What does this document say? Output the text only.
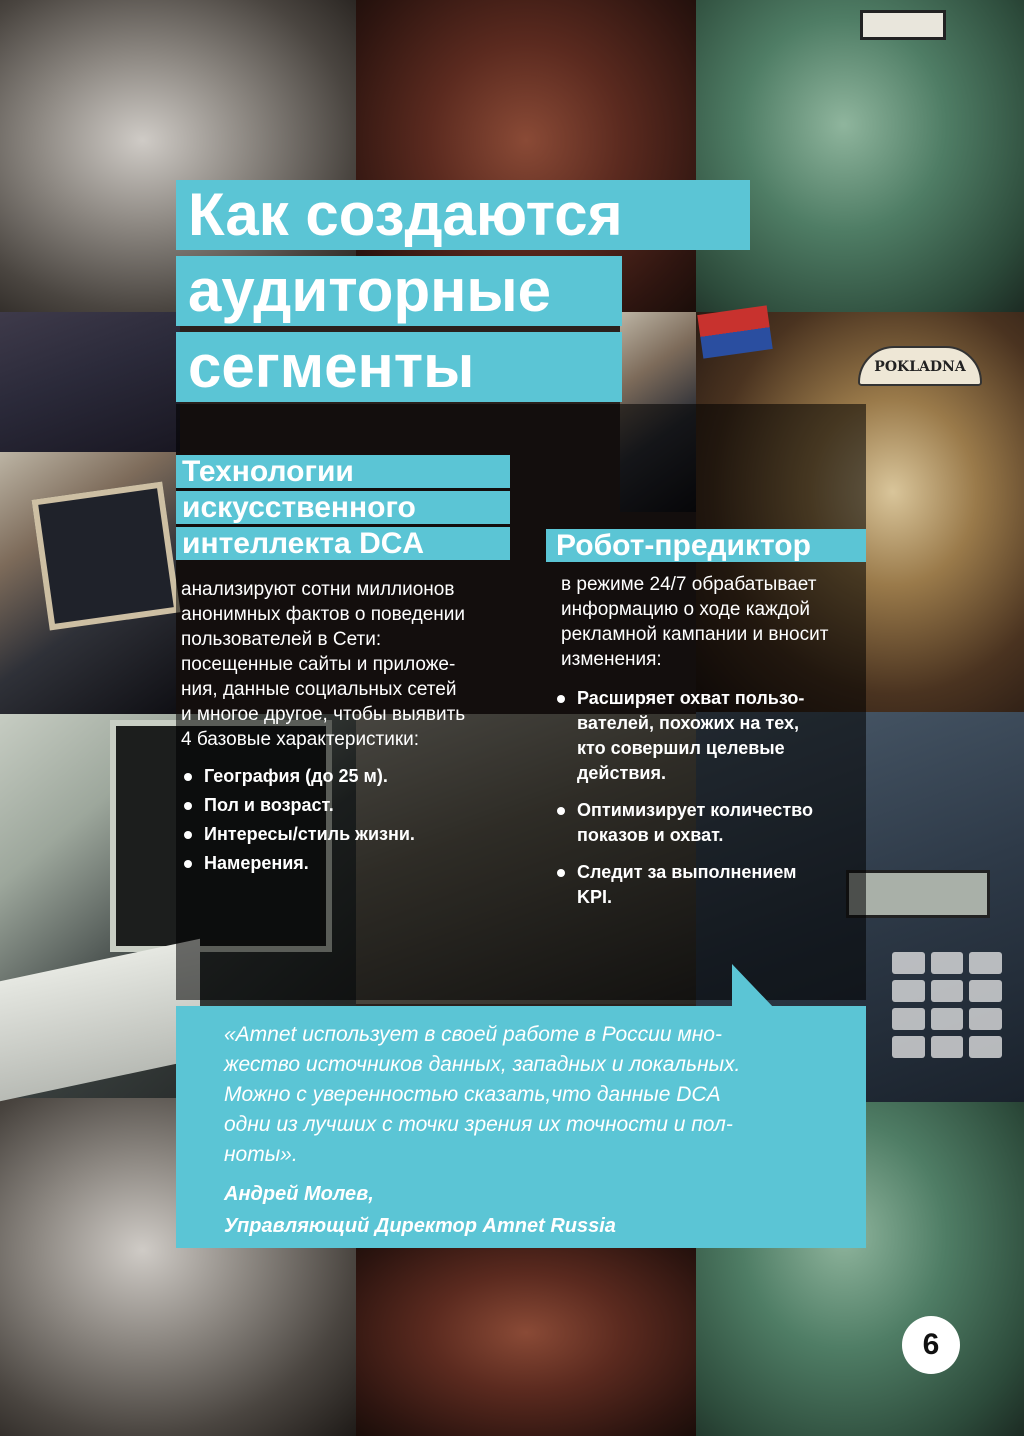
POKLADNA
Как создаются
аудиторные
сегменты
Технологии
искусственного
интеллекта DCA

анализируют сотни миллионов

анонимных фактов о поведении

пользователей в Сети:

посещенные сайты и приложе-

ния, данные социальных сетей

и многое другое, чтобы выявить

4 базовые характеристики:

География (до 25 м).
Пол и возраст.
Интересы/стиль жизни.
Намерения.
Робот-предиктор

в режиме 24/7 обрабатывает

информацию о ходе каждой

рекламной кампании и вносит

изменения:

Расширяет охват пользо-
вателей, похожих на тех,
кто совершил целевые
действия.
Оптимизирует количество
показов и охват.
Следит за выполнением
KPI.

«Amnet использует в своей работе в России мно-
жество источников данных, западных и локальных.
Можно с уверенностью сказать,что данные DCA
одни из лучших с точки зрения их точности и пол-
ноты».

Андрей Молев,
Управляющий Директор Amnet Russia
6
